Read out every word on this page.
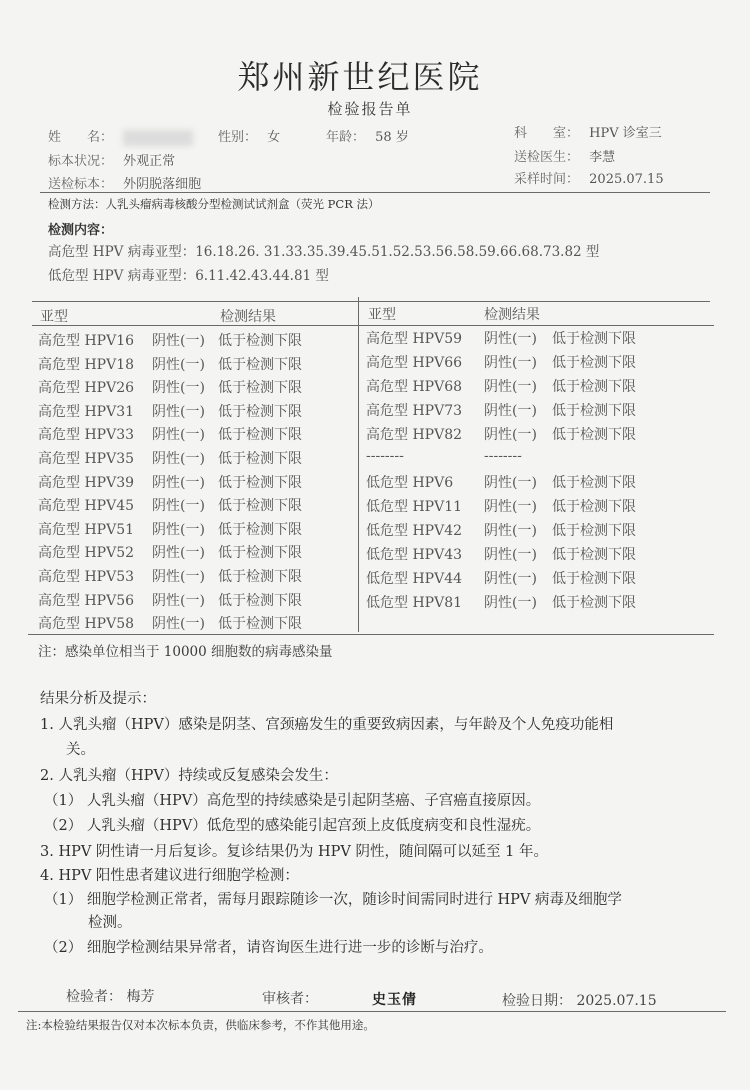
郑州新世纪医院
检验报告单
姓　　名：	性别： 女	年龄： 58 岁	科　　室： HPV 诊室三
标本状况： 外观正常	送检医生： 李慧
送检标本： 外阴脱落细胞	采样时间： 2025.07.15
检测方法：人乳头瘤病毒核酸分型检测试试剂盒（荧光 PCR 法）
检测内容：
高危型 HPV 病毒亚型：16.18.26. 31.33.35.39.45.51.52.53.56.58.59.66.68.73.82 型
低危型 HPV 病毒亚型：6.11.42.43.44.81 型
亚型	检测结果	亚型	检测结果
高危型 HPV16 阴性(一) 低于检测下限
高危型 HPV18 阴性(一) 低于检测下限
高危型 HPV26 阴性(一) 低于检测下限
高危型 HPV31 阴性(一) 低于检测下限
高危型 HPV33 阴性(一) 低于检测下限
高危型 HPV35 阴性(一) 低于检测下限
高危型 HPV39 阴性(一) 低于检测下限
高危型 HPV45 阴性(一) 低于检测下限
高危型 HPV51 阴性(一) 低于检测下限
高危型 HPV52 阴性(一) 低于检测下限
高危型 HPV53 阴性(一) 低于检测下限
高危型 HPV56 阴性(一) 低于检测下限
高危型 HPV58 阴性(一) 低于检测下限
高危型 HPV59 阴性(一) 低于检测下限
高危型 HPV66 阴性(一) 低于检测下限
高危型 HPV68 阴性(一) 低于检测下限
高危型 HPV73 阴性(一) 低于检测下限
高危型 HPV82 阴性(一) 低于检测下限
--------	--------
低危型 HPV6 阴性(一) 低于检测下限
低危型 HPV11 阴性(一) 低于检测下限
低危型 HPV42 阴性(一) 低于检测下限
低危型 HPV43 阴性(一) 低于检测下限
低危型 HPV44 阴性(一) 低于检测下限
低危型 HPV81 阴性(一) 低于检测下限
注：感染单位相当于 10000 细胞数的病毒感染量
结果分析及提示：
1. 人乳头瘤（HPV）感染是阴茎、宫颈癌发生的重要致病因素，与年龄及个人免疫功能相
关。
2. 人乳头瘤（HPV）持续或反复感染会发生：
（1） 人乳头瘤（HPV）高危型的持续感染是引起阴茎癌、子宫癌直接原因。
（2） 人乳头瘤（HPV）低危型的感染能引起宫颈上皮低度病变和良性湿疣。
3. HPV 阴性请一月后复诊。复诊结果仍为 HPV 阴性，随间隔可以延至 1 年。
4. HPV 阳性患者建议进行细胞学检测：
（1） 细胞学检测正常者，需每月跟踪随诊一次，随诊时间需同时进行 HPV 病毒及细胞学
检测。
（2） 细胞学检测结果异常者，请咨询医生进行进一步的诊断与治疗。
检验者： 梅芳	审核者：	史玉倩	检验日期： 2025.07.15
注:本检验结果报告仅对本次标本负责，供临床参考，不作其他用途。
